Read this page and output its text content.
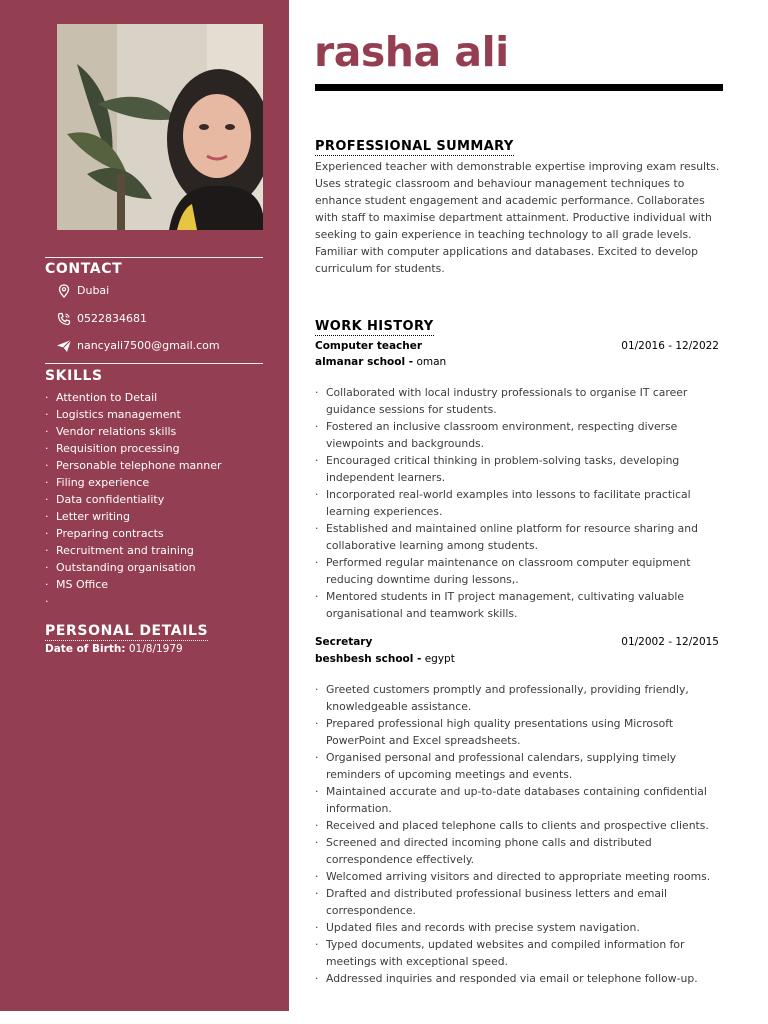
CONTACT
Dubai
0522834681
nancyali7500@gmail.com
SKILLS
· Attention to Detail
· Logistics management
· Vendor relations skills
· Requisition processing
· Personable telephone manner
· Filing experience
· Data confidentiality
· Letter writing
· Preparing contracts
· Recruitment and training
· Outstanding organisation
· MS Office
·
PERSONAL DETAILS
Date of Birth: 01/8/1979
rasha ali
PROFESSIONAL SUMMARY

Experienced teacher with demonstrable expertise improving exam results. Uses strategic classroom and behaviour management techniques to enhance student engagement and academic performance. Collaborates with staff to maximise department attainment. Productive individual with seeking to gain experience in teaching technology to all grade levels. Familiar with computer applications and databases. Excited to develop curriculum for students.

WORK HISTORY
Computer teacher	01/2016 - 12/2022
almanar school - oman
· Collaborated with local industry professionals to organise IT career guidance sessions for students.
· Fostered an inclusive classroom environment, respecting diverse viewpoints and backgrounds.
· Encouraged critical thinking in problem-solving tasks, developing independent learners.
· Incorporated real-world examples into lessons to facilitate practical learning experiences.
· Established and maintained online platform for resource sharing and collaborative learning among students.
· Performed regular maintenance on classroom computer equipment reducing downtime during lessons,.
· Mentored students in IT project management, cultivating valuable organisational and teamwork skills.
Secretary	01/2002 - 12/2015
beshbesh school - egypt
· Greeted customers promptly and professionally, providing friendly, knowledgeable assistance.
· Prepared professional high quality presentations using Microsoft PowerPoint and Excel spreadsheets.
· Organised personal and professional calendars, supplying timely reminders of upcoming meetings and events.
· Maintained accurate and up-to-date databases containing confidential information.
· Received and placed telephone calls to clients and prospective clients.
· Screened and directed incoming phone calls and distributed correspondence effectively.
· Welcomed arriving visitors and directed to appropriate meeting rooms.
· Drafted and distributed professional business letters and email correspondence.
· Updated files and records with precise system navigation.
· Typed documents, updated websites and compiled information for meetings with exceptional speed.
· Addressed inquiries and responded via email or telephone follow-up.
